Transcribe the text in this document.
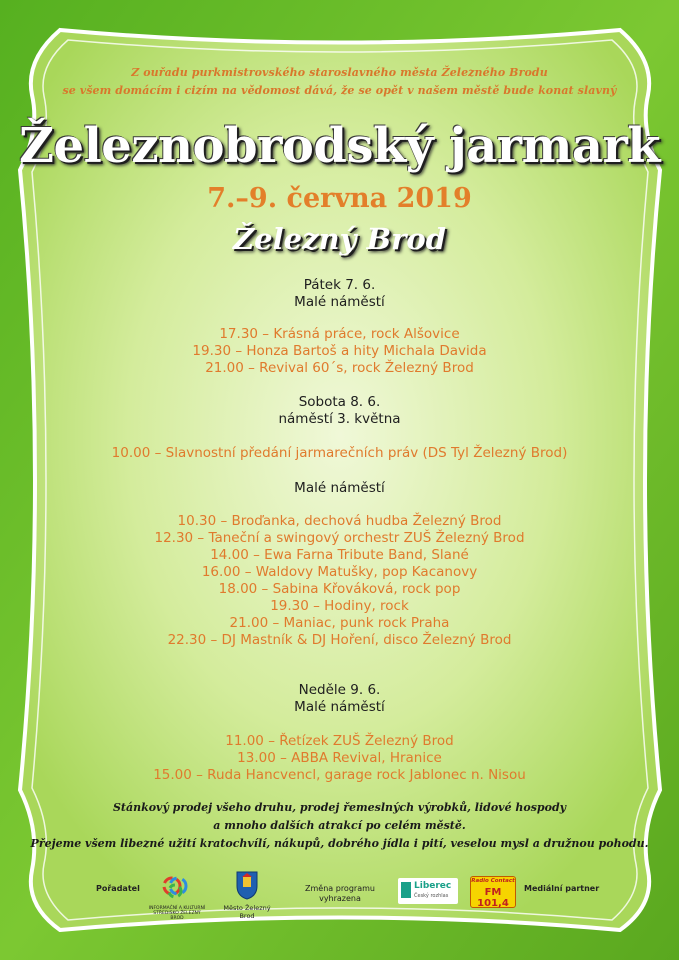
Z ouřadu purkmistrovského staroslavného města Železného Brodu
se všem domácím i cizím na vědomost dává, že se opět v našem městě bude konat slavný
Železnobrodský jarmark
7.–9. června 2019
Železný Brod
Pátek 7. 6.
Malé náměstí
17.30 – Krásná práce, rock Alšovice
19.30 – Honza Bartoš a hity Michala Davida
21.00 – Revival 60´s, rock Železný Brod
Sobota 8. 6.
náměstí 3. května
10.00 – Slavnostní předání jarmarečních práv (DS Tyl Železný Brod)
Malé náměstí
10.30 – Broďanka, dechová hudba Železný Brod
12.30 – Taneční a swingový orchestr ZUŠ Železný Brod
14.00 – Ewa Farna Tribute Band, Slané
16.00 – Waldovy Matušky, pop Kacanovy
18.00 – Sabina Křováková, rock pop
19.30 – Hodiny, rock
21.00 – Maniac, punk rock Praha
22.30 – DJ Mastník & DJ Hoření, disco Železný Brod
Neděle 9. 6.
Malé náměstí
11.00 – Řetízek ZUŠ Železný Brod
13.00 – ABBA Revival, Hranice
15.00 – Ruda Hancvencl, garage rock Jablonec n. Nisou
Stánkový prodej všeho druhu, prodej řemeslných výrobků, lidové hospody
a mnoho dalších atrakcí po celém městě.
Přejeme všem libezné užití kratochvílí, nákupů, dobrého jídla i pití, veselou mysl a družnou pohodu.
Pořadatel
INFORMAČNÍ A KULTURNÍ STŘEDISKO ŽELEZNÝ BROD
Město Železný Brod
Změna programu
vyhrazena
Liberec
Český rozhlas
Radio Contact
FM 101,4
Mediální partner
